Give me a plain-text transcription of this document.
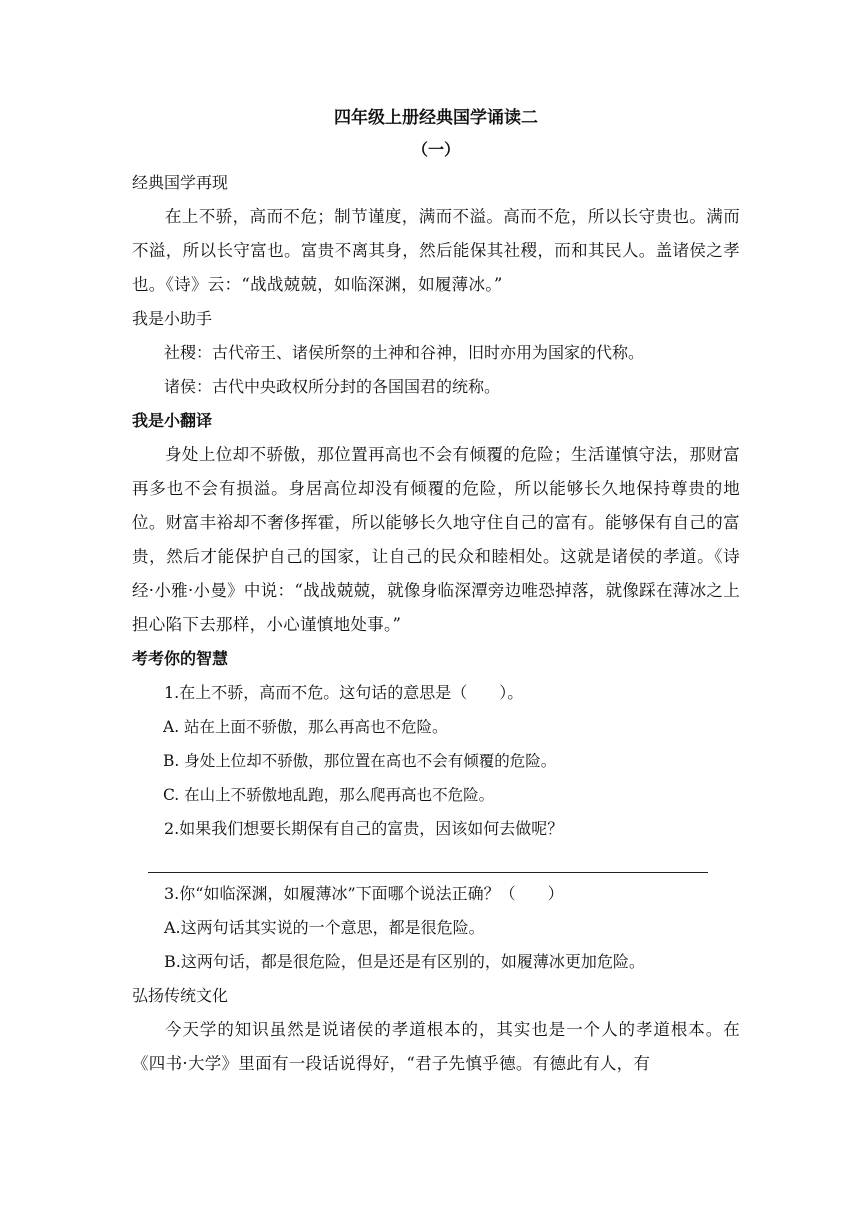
四年级上册经典国学诵读二
（一）
经典国学再现

在上不骄，高而不危；制节谨度，满而不溢。高而不危，所以长守贵也。满而不溢，所以长守富也。富贵不离其身，然后能保其社稷，而和其民人。盖诸侯之孝也。《诗》云：“战战兢兢，如临深渊，如履薄冰。”

我是小助手

社稷：古代帝王、诸侯所祭的土神和谷神，旧时亦用为国家的代称。

诸侯：古代中央政权所分封的各国国君的统称。

我是小翻译

身处上位却不骄傲，那位置再高也不会有倾覆的危险；生活谨慎守法，那财富再多也不会有损溢。身居高位却没有倾覆的危险，所以能够长久地保持尊贵的地位。财富丰裕却不奢侈挥霍，所以能够长久地守住自己的富有。能够保有自己的富贵，然后才能保护自己的国家，让自己的民众和睦相处。这就是诸侯的孝道。《诗经·小雅·小曼》中说：“战战兢兢，就像身临深潭旁边唯恐掉落，就像踩在薄冰之上担心陷下去那样，小心谨慎地处事。”

考考你的智慧

1.在上不骄，高而不危。这句话的意思是（　　）。

A. 站在上面不骄傲，那么再高也不危险。

B. 身处上位却不骄傲，那位置在高也不会有倾覆的危险。

C. 在山上不骄傲地乱跑，那么爬再高也不危险。

2.如果我们想要长期保有自己的富贵，因该如何去做呢？

3.你“如临深渊，如履薄冰”下面哪个说法正确？（　　）

A.这两句话其实说的一个意思，都是很危险。

B.这两句话，都是很危险，但是还是有区别的，如履薄冰更加危险。

弘扬传统文化

今天学的知识虽然是说诸侯的孝道根本的，其实也是一个人的孝道根本。在《四书·大学》里面有一段话说得好，“君子先慎乎德。有德此有人，有
